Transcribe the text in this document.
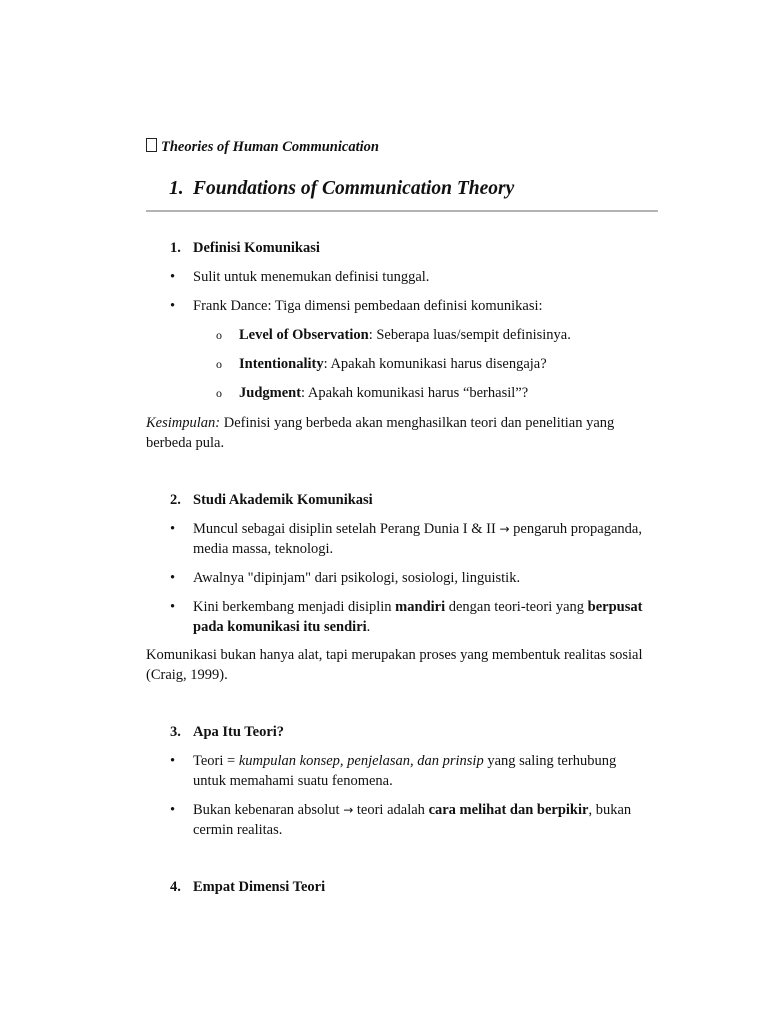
Theories of Human Communication
1. Foundations of Communication Theory
1. Definisi Komunikasi
•	Sulit untuk menemukan definisi tunggal.
•	Frank Dance: Tiga dimensi pembedaan definisi komunikasi:
o Level of Observation: Seberapa luas/sempit definisinya.
o Intentionality: Apakah komunikasi harus disengaja?
o Judgment: Apakah komunikasi harus “berhasil”?
Kesimpulan: Definisi yang berbeda akan menghasilkan teori dan penelitian yang berbeda pula.
2. Studi Akademik Komunikasi
•	Muncul sebagai disiplin setelah Perang Dunia I & II → pengaruh propaganda, media massa, teknologi.
•	Awalnya "dipinjam" dari psikologi, sosiologi, linguistik.
•	Kini berkembang menjadi disiplin mandiri dengan teori-teori yang berpusat pada komunikasi itu sendiri.
Komunikasi bukan hanya alat, tapi merupakan proses yang membentuk realitas sosial (Craig, 1999).
3. Apa Itu Teori?
•	Teori = kumpulan konsep, penjelasan, dan prinsip yang saling terhubung untuk memahami suatu fenomena.
•	Bukan kebenaran absolut → teori adalah cara melihat dan berpikir, bukan cermin realitas.
4. Empat Dimensi Teori
